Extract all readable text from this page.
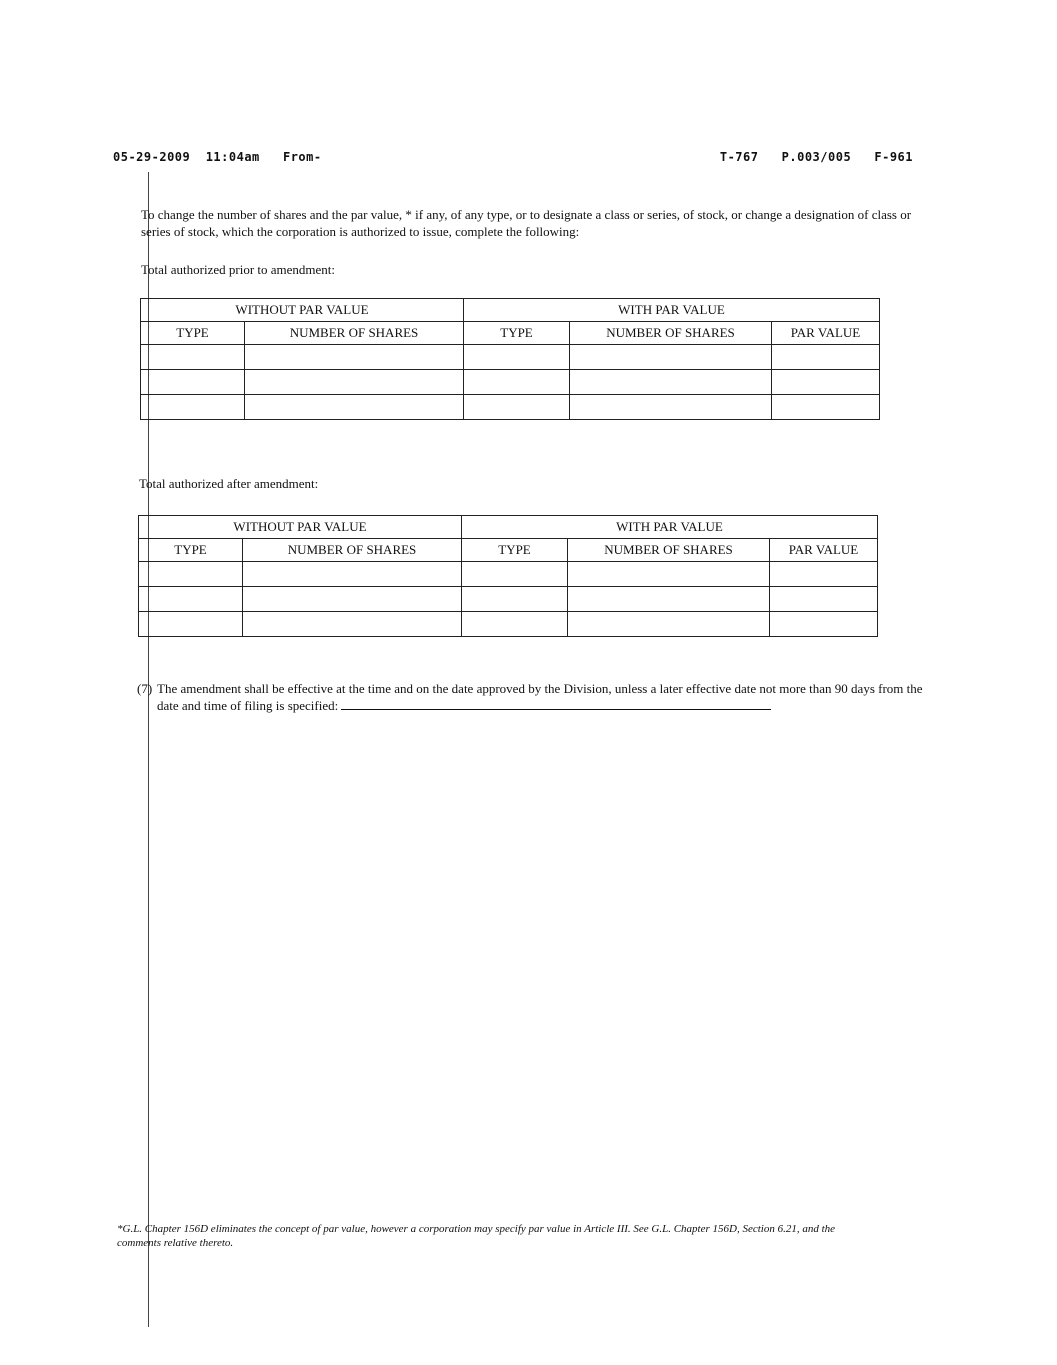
05-29-2009 11:04am From-	T-767 P.003/005 F-961
To change the number of shares and the par value, * if any, of any type, or to designate a class or series, of stock, or change a designation of class or series of stock, which the corporation is authorized to issue, complete the following:
Total authorized prior to amendment:
WITHOUT PAR VALUE		WITH PAR VALUE		
TYPE	NUMBER OF SHARES	TYPE	NUMBER OF SHARES	PAR VALUE

Total authorized after amendment:
WITHOUT PAR VALUE		WITH PAR VALUE		
TYPE	NUMBER OF SHARES	TYPE	NUMBER OF SHARES	PAR VALUE

(7) The amendment shall be effective at the time and on the date approved by the Division, unless a later effective date not more than 90 days from the date and time of filing is specified:
*G.L. Chapter 156D eliminates the concept of par value, however a corporation may specify par value in Article III. See G.L. Chapter 156D, Section 6.21, and the comments relative thereto.
